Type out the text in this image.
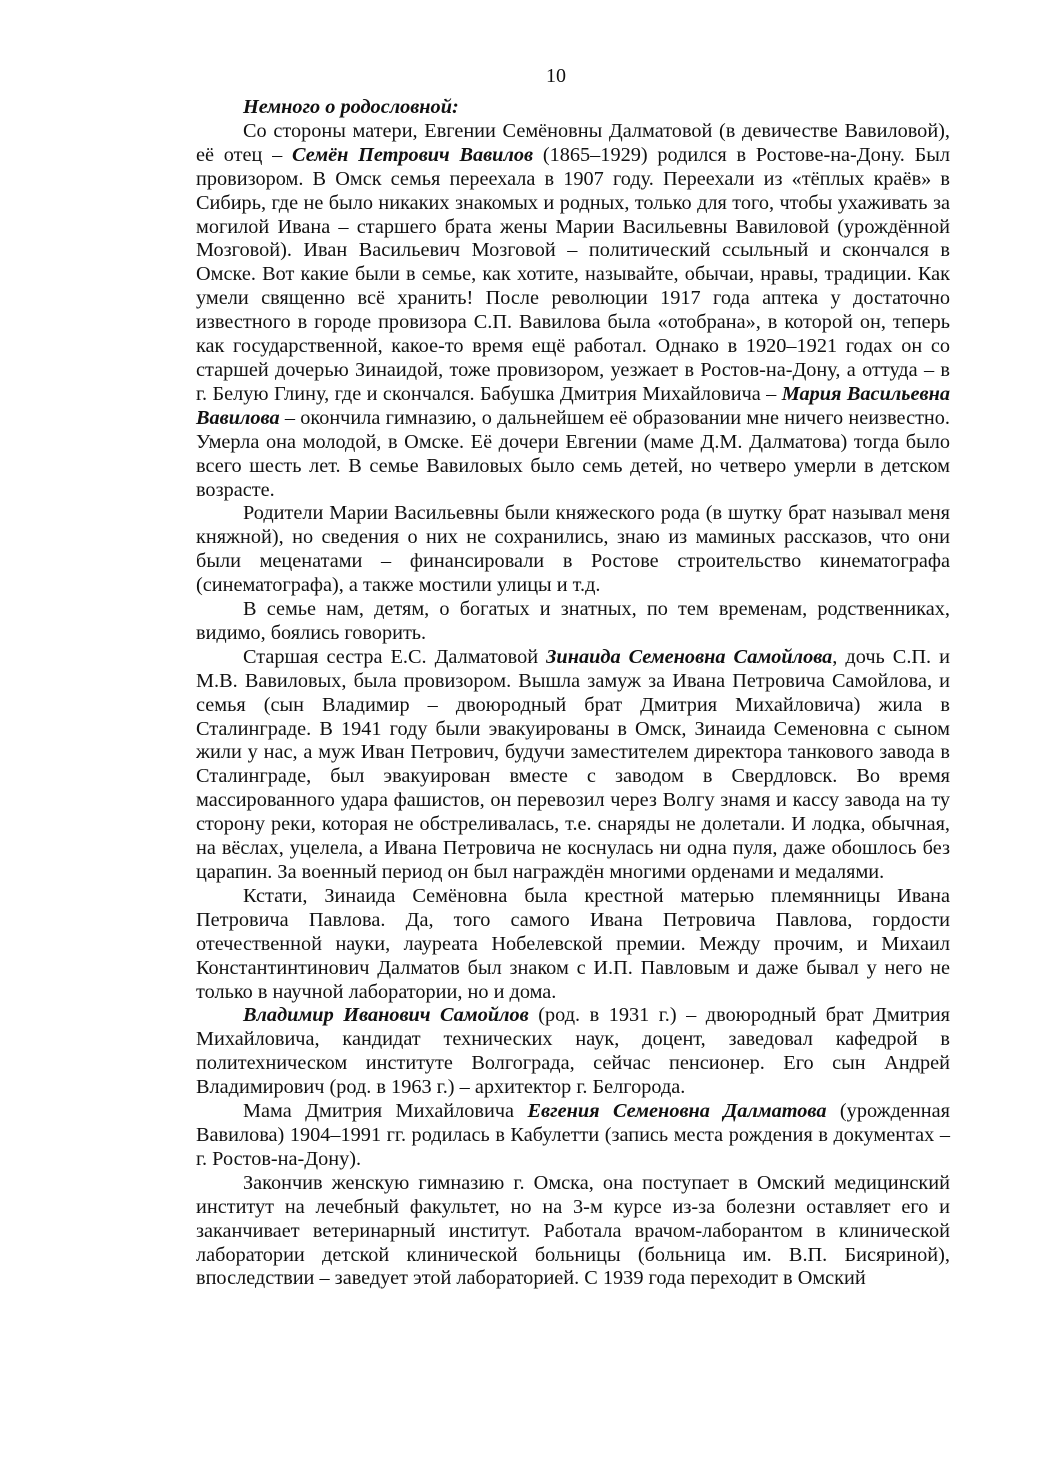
10
Немного о родословной:

Со стороны матери, Евгении Семёновны Далматовой (в девичестве Вавиловой), её отец – Семён Петрович Вавилов (1865–1929) родился в Ростове-на-Дону. Был провизором. В Омск семья переехала в 1907 году. Переехали из «тёплых краёв» в Сибирь, где не было никаких знакомых и родных, только для того, чтобы ухаживать за могилой Ивана – старшего брата жены Марии Васильевны Вавиловой (урождённой Мозговой). Иван Васильевич Мозговой – политический ссыльный и скончался в Омске. Вот какие были в семье, как хотите, называйте, обычаи, нравы, традиции. Как умели священно всё хранить! После революции 1917 года аптека у достаточно известного в городе провизора С.П. Вавилова была «отобрана», в которой он, теперь как государственной, какое-то время ещё работал. Однако в 1920–1921 годах он со старшей дочерью Зинаидой, тоже провизором, уезжает в Ростов-на-Дону, а оттуда – в г. Белую Глину, где и скончался. Бабушка Дмитрия Михайловича – Мария Васильевна Вавилова – окончила гимназию, о дальнейшем её образовании мне ничего неизвестно. Умерла она молодой, в Омске. Её дочери Евгении (маме Д.М. Далматова) тогда было всего шесть лет. В семье Вавиловых было семь детей, но четверо умерли в детском возрасте.

Родители Марии Васильевны были княжеского рода (в шутку брат называл меня княжной), но сведения о них не сохранились, знаю из маминых рассказов, что они были меценатами – финансировали в Ростове строительство кинематографа (синематографа), а также мостили улицы и т.д.

В семье нам, детям, о богатых и знатных, по тем временам, родственниках, видимо, боялись говорить.

Старшая сестра Е.С. Далматовой Зинаида Семеновна Самойлова, дочь С.П. и М.В. Вавиловых, была провизором. Вышла замуж за Ивана Петровича Самойлова, и семья (сын Владимир – двоюродный брат Дмитрия Михайловича) жила в Сталинграде. В 1941 году были эвакуированы в Омск, Зинаида Семеновна с сыном жили у нас, а муж Иван Петрович, будучи заместителем директора танкового завода в Сталинграде, был эвакуирован вместе с заводом в Свердловск. Во время массированного удара фашистов, он перевозил через Волгу знамя и кассу завода на ту сторону реки, которая не обстреливалась, т.е. снаряды не долетали. И лодка, обычная, на вёслах, уцелела, а Ивана Петровича не коснулась ни одна пуля, даже обошлось без царапин. За военный период он был награждён многими орденами и медалями.

Кстати, Зинаида Семёновна была крестной матерью племянницы Ивана Петровича Павлова. Да, того самого Ивана Петровича Павлова, гордости отечественной науки, лауреата Нобелевской премии. Между прочим, и Михаил Константинтинович Далматов был знаком с И.П. Павловым и даже бывал у него не только в научной лаборатории, но и дома.

Владимир Иванович Самойлов (род. в 1931 г.) – двоюродный брат Дмитрия Михайловича, кандидат технических наук, доцент, заведовал кафедрой в политехническом институте Волгограда, сейчас пенсионер. Его сын Андрей Владимирович (род. в 1963 г.) – архитектор г. Белгорода.

Мама Дмитрия Михайловича Евгения Семеновна Далматова (урожденная Вавилова) 1904–1991 гг. родилась в Кабулетти (запись места рождения в документах – г. Ростов-на-Дону).

Закончив женскую гимназию г. Омска, она поступает в Омский медицинский институт на лечебный факультет, но на 3-м курсе из-за болезни оставляет его и заканчивает ветеринарный институт. Работала врачом-лаборантом в клинической лаборатории детской клинической больницы (больница им. В.П. Бисяриной), впоследствии – заведует этой лабораторией. С 1939 года переходит в Омский
